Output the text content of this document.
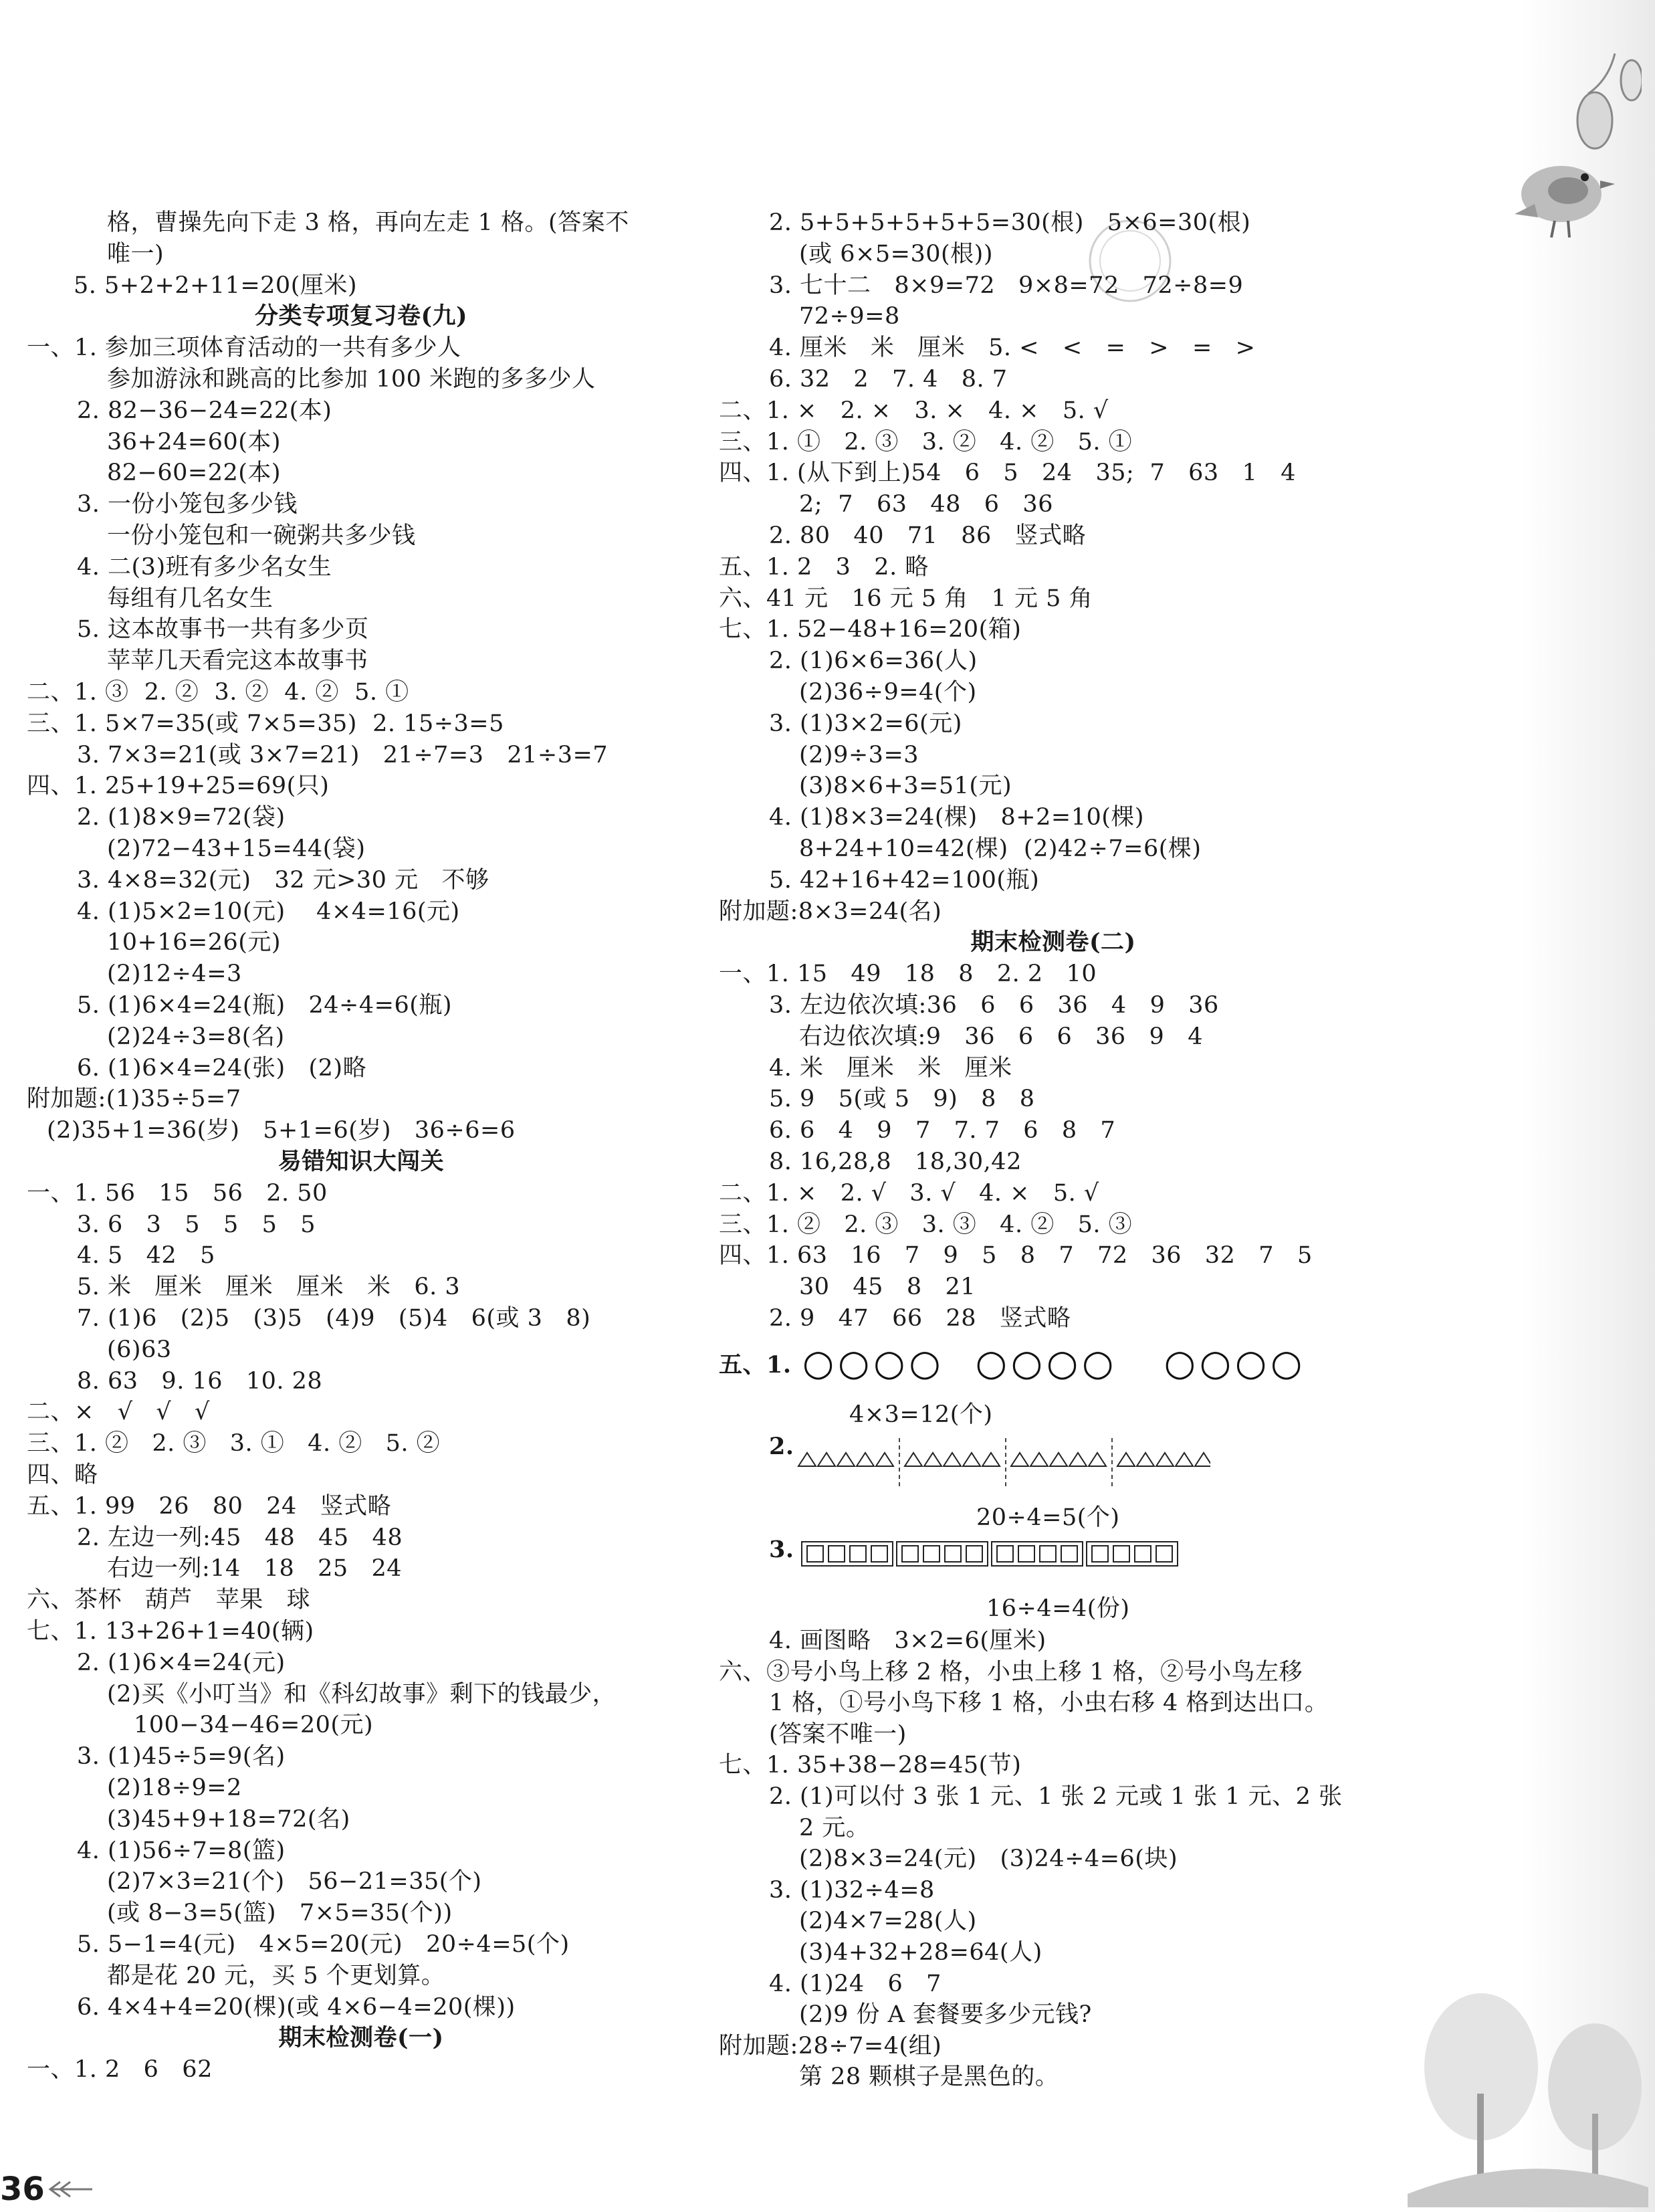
格，曹操先向下走 3 格，再向左走 1 格。(答案不
唯一)
5. 5+2+2+11=20(厘米)
分类专项复习卷(九)
一、1. 参加三项体育活动的一共有多少人
参加游泳和跳高的比参加 100 米跑的多多少人
2. 82−36−24=22(本)
36+24=60(本)
82−60=22(本)
3. 一份小笼包多少钱
一份小笼包和一碗粥共多少钱
4. 二(3)班有多少名女生
每组有几名女生
5. 这本故事书一共有多少页
苹苹几天看完这本故事书
二、1. ③  2. ②  3. ②  4. ②  5. ①
三、1. 5×7=35(或 7×5=35)  2. 15÷3=5
3. 7×3=21(或 3×7=21)   21÷7=3   21÷3=7
四、1. 25+19+25=69(只)
2. (1)8×9=72(袋)
(2)72−43+15=44(袋)
3. 4×8=32(元)   32 元>30 元   不够
4. (1)5×2=10(元)    4×4=16(元)
10+16=26(元)
(2)12÷4=3
5. (1)6×4=24(瓶)   24÷4=6(瓶)
(2)24÷3=8(名)
6. (1)6×4=24(张)   (2)略
附加题:(1)35÷5=7
(2)35+1=36(岁)   5+1=6(岁)   36÷6=6
易错知识大闯关
一、1. 56   15   56   2. 50
3. 6   3   5   5   5   5
4. 5   42   5
5. 米   厘米   厘米   厘米   米   6. 3
7. (1)6   (2)5   (3)5   (4)9   (5)4   6(或 3   8)
(6)63
8. 63   9. 16   10. 28
二、×   √   √   √
三、1. ②   2. ③   3. ①   4. ②   5. ②
四、略
五、1. 99   26   80   24   竖式略
2. 左边一列:45   48   45   48
右边一列:14   18   25   24
六、茶杯   葫芦   苹果   球
七、1. 13+26+1=40(辆)
2. (1)6×4=24(元)
(2)买《小叮当》和《科幻故事》剩下的钱最少，
100−34−46=20(元)
3. (1)45÷5=9(名)
(2)18÷9=2
(3)45+9+18=72(名)
4. (1)56÷7=8(篮)
(2)7×3=21(个)   56−21=35(个)
(或 8−3=5(篮)   7×5=35(个))
5. 5−1=4(元)   4×5=20(元)   20÷4=5(个)
都是花 20 元，买 5 个更划算。
6. 4×4+4=20(棵)(或 4×6−4=20(棵))
期末检测卷(一)
一、1. 2   6   62
2. 5+5+5+5+5+5=30(根)   5×6=30(根)
(或 6×5=30(根))
3. 七十二   8×9=72   9×8=72   72÷8=9
72÷9=8
4. 厘米   米   厘米   5. <   <   =   >   =   >
6. 32   2   7. 4   8. 7
二、1. ×   2. ×   3. ×   4. ×   5. √
三、1. ①   2. ③   3. ②   4. ②   5. ①
四、1. (从下到上)54   6   5   24   35;  7   63   1   4
2;  7   63   48   6   36
2. 80   40   71   86   竖式略
五、1. 2   3   2. 略
六、41 元   16 元 5 角   1 元 5 角
七、1. 52−48+16=20(箱)
2. (1)6×6=36(人)
(2)36÷9=4(个)
3. (1)3×2=6(元)
(2)9÷3=3
(3)8×6+3=51(元)
4. (1)8×3=24(棵)   8+2=10(棵)
8+24+10=42(棵)  (2)42÷7=6(棵)
5. 42+16+42=100(瓶)
附加题:8×3=24(名)
期末检测卷(二)
一、1. 15   49   18   8   2. 2   10
3. 左边依次填:36   6   6   36   4   9   36
右边依次填:9   36   6   6   36   9   4
4. 米   厘米   米   厘米
5. 9   5(或 5   9)   8   8
6. 6   4   9   7   7. 7   6   8   7
8. 16,28,8   18,30,42
二、1. ×   2. √   3. √   4. ×   5. √
三、1. ②   2. ③   3. ③   4. ②   5. ③
四、1. 63   16   7   9   5   8   7   72   36   32   7   5
30   45   8   21
2. 9   47   66   28   竖式略
五、1. ○○○○  ○○○○   ○○○○
4×3=12(个)
2.
20÷4=5(个)
3.
16÷4=4(份)
4. 画图略   3×2=6(厘米)
六、③号小鸟上移 2 格，小虫上移 1 格，②号小鸟左移
1 格，①号小鸟下移 1 格，小虫右移 4 格到达出口。
(答案不唯一)
七、1. 35+38−28=45(节)
2. (1)可以付 3 张 1 元、1 张 2 元或 1 张 1 元、2 张
2 元。
(2)8×3=24(元)   (3)24÷4=6(块)
3. (1)32÷4=8
(2)4×7=28(人)
(3)4+32+28=64(人)
4. (1)24   6   7
(2)9 份 A 套餐要多少元钱?
附加题:28÷7=4(组)
第 28 颗棋子是黑色的。
36
